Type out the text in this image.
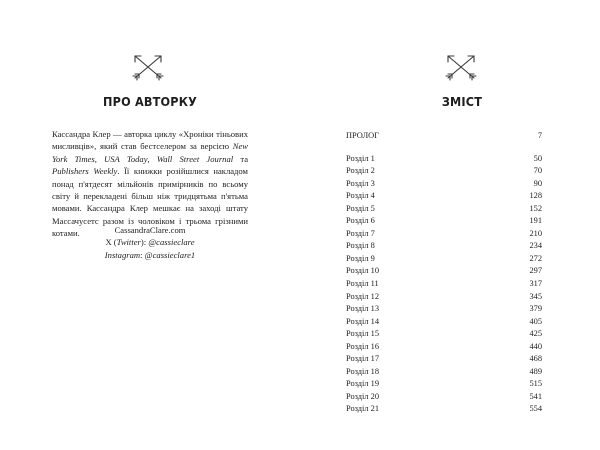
ПРО АВТОРКУ

Кассандра Клер — авторка циклу «Хроніки тіньових мисливців», який став бестселером за версією New York Times, USA Today, Wall Street Journal та Publishers Weekly. Її книжки розійшлися накладом понад п'ятдесят мільйонів примірників по всьому світу й перекладені більш ніж тридцятьма п'ятьма мовами. Кассандра Клер мешкає на заході штату Массачусетс разом із чоловіком і трьома грізними котами.	CassandraClare.com
X (Twitter): @cassieclare
Instagram: @cassieclare1
ЗМІСТ
ПРОЛОГ	7
Розділ 1	50
Розділ 2	70
Розділ 3	90
Розділ 4	128
Розділ 5	152
Розділ 6	191
Розділ 7	210
Розділ 8	234
Розділ 9	272
Розділ 10	297
Розділ 11	317
Розділ 12	345
Розділ 13	379
Розділ 14	405
Розділ 15	425
Розділ 16	440
Розділ 17	468
Розділ 18	489
Розділ 19	515
Розділ 20	541
Розділ 21	554
